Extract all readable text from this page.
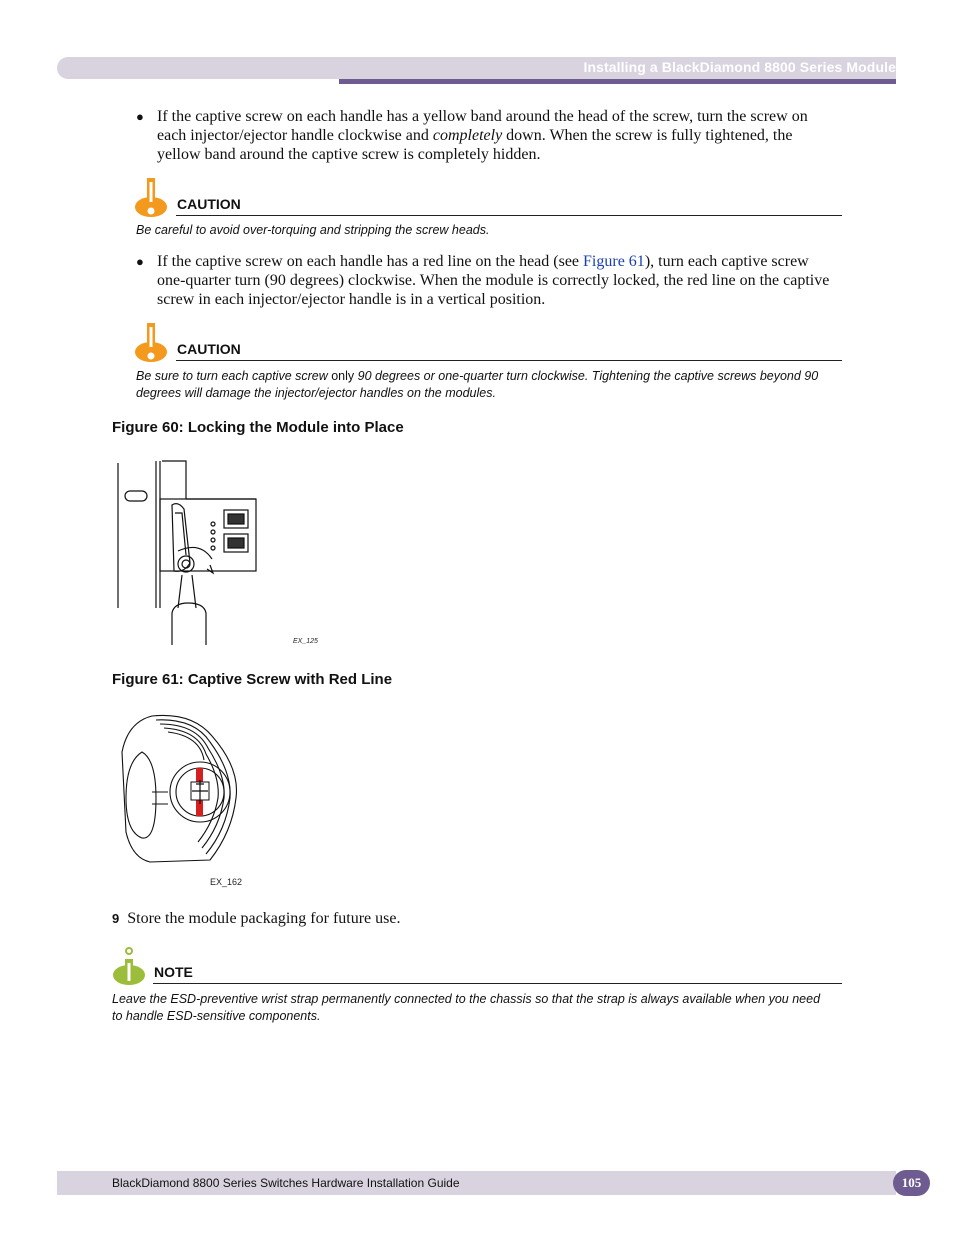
Installing a BlackDiamond 8800 Series Module
● If the captive screw on each handle has a yellow band around the head of the screw, turn the screw on each injector/ejector handle clockwise and completely down. When the screw is fully tightened, the yellow band around the captive screw is completely hidden.
CAUTION
Be careful to avoid over-torquing and stripping the screw heads.
● If the captive screw on each handle has a red line on the head (see Figure 61), turn each captive screw one-quarter turn (90 degrees) clockwise. When the module is correctly locked, the red line on the captive screw in each injector/ejector handle is in a vertical position.
CAUTION
Be sure to turn each captive screw only 90 degrees or one-quarter turn clockwise. Tightening the captive screws beyond 90 degrees will damage the injector/ejector handles on the modules.
Figure 60: Locking the Module into Place
EX_125
Figure 61: Captive Screw with Red Line
EX_162
9 Store the module packaging for future use.
NOTE
Leave the ESD-preventive wrist strap permanently connected to the chassis so that the strap is always available when you need to handle ESD-sensitive components.
BlackDiamond 8800 Series Switches Hardware Installation Guide	105
